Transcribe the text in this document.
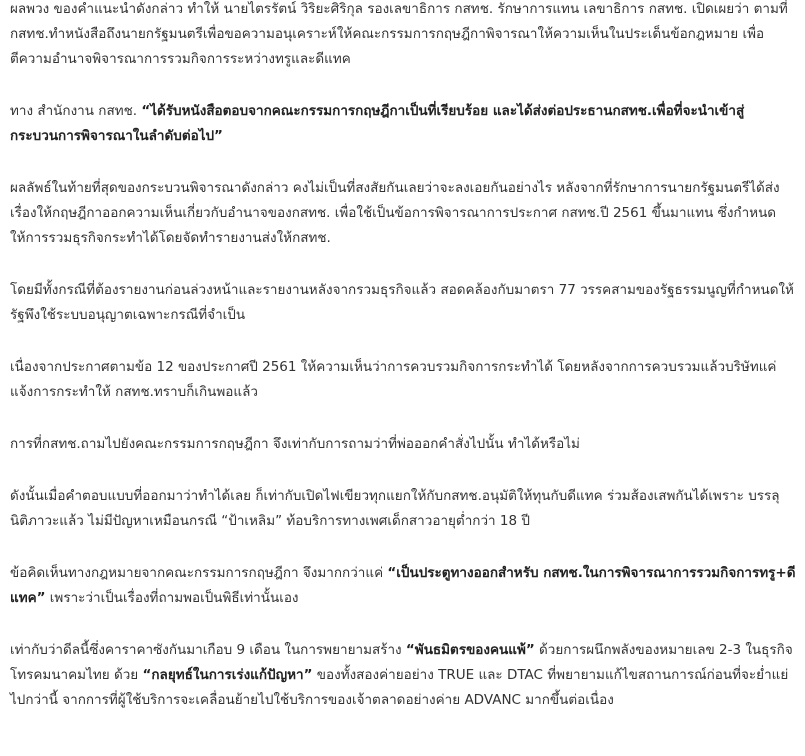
ผลพวง ของคำแนะนำดังกล่าว ทำให้ นายไตรรัตน์ วิริยะศิริกุล รองเลขาธิการ กสทช. รักษาการแทน เลขาธิการ กสทช. เปิดเผยว่า ตามที่ กสทช.ทำหนังสือถึงนายกรัฐมนตรีเพื่อขอความอนุเคราะห์ให้คณะกรรมการกฤษฎีกาพิจารณาให้ความเห็นในประเด็นข้อกฎหมาย เพื่อตีความอำนาจพิจารณาการรวมกิจการระหว่างทรูและดีแทค

ทาง สำนักงาน กสทช. “ได้รับหนังสือตอบจากคณะกรรมการกฤษฎีกาเป็นที่เรียบร้อย และได้ส่งต่อประธานกสทช.เพื่อที่จะนำเข้าสู่กระบวนการพิจารณาในลำดับต่อไป”

ผลลัพธ์ในท้ายที่สุดของกระบวนพิจารณาดังกล่าว คงไม่เป็นที่สงสัยกันเลยว่าจะลงเอยกันอย่างไร หลังจากที่รักษาการนายกรัฐมนตรีได้ส่งเรื่องให้กฤษฎีกาออกความเห็นเกี่ยวกับอำนาจของกสทช. เพื่อใช้เป็นข้อการพิจารณาการประกาศ กสทช.ปี 2561 ขึ้นมาแทน ซึ่งกำหนดให้การรวมธุรกิจกระทำได้โดยจัดทำรายงานส่งให้กสทช.

โดยมีทั้งกรณีที่ต้องรายงานก่อนล่วงหน้าและรายงานหลังจากรวมธุรกิจแล้ว สอดคล้องกับมาตรา 77 วรรคสามของรัฐธรรมนูญที่กำหนดให้รัฐพึงใช้ระบบอนุญาตเฉพาะกรณีที่จำเป็น

เนื่องจากประกาศตามข้อ 12 ของประกาศปี 2561 ให้ความเห็นว่าการควบรวมกิจการกระทำได้ โดยหลังจากการควบรวมแล้วบริษัทแค่แจ้งการกระทำให้ กสทช.ทราบก็เกินพอแล้ว

การที่กสทช.ถามไปยังคณะกรรมการกฤษฎีกา จึงเท่ากับการถามว่าที่พ่อออกคำสั่งไปนั้น ทำได้หรือไม่

ดังนั้นเมื่อคำตอบแบบที่ออกมาว่าทำได้เลย ก็เท่ากับเปิดไฟเขียวทุกแยกให้กับกสทช.อนุมัติให้ทุนกับดีแทค ร่วมส้องเสพกันได้เพราะ บรรลุนิติภาวะแล้ว ไม่มีปัญหาเหมือนกรณี “ป้าเหลิม” ท้อบริการทางเพศเด็กสาวอายุต่ำกว่า 18 ปี

ข้อคิดเห็นทางกฎหมายจากคณะกรรมการกฤษฎีกา จึงมากกว่าแค่ “เป็นประตูทางออกสำหรับ กสทช.ในการพิจารณาการรวมกิจการทรู+ดีแทค” เพราะว่าเป็นเรื่องที่ถามพอเป็นพิธีเท่านั้นเอง

เท่ากับว่าดีลนี้ซึ่งคาราคาซังกันมาเกือบ 9 เดือน ในการพยายามสร้าง “พันธมิตรของคนแพ้” ด้วยการผนึกพลังของหมายเลข 2-3 ในธุรกิจโทรคมนาคมไทย ด้วย “กลยุทธ์ในการเร่งแก้ปัญหา” ของทั้งสองค่ายอย่าง TRUE และ DTAC ที่พยายามแก้ไขสถานการณ์ก่อนที่จะย่ำแย่ไปกว่านี้ จากการที่ผู้ใช้บริการจะเคลื่อนย้ายไปใช้บริการของเจ้าตลาดอย่างค่าย ADVANC มากขึ้นต่อเนื่อง
